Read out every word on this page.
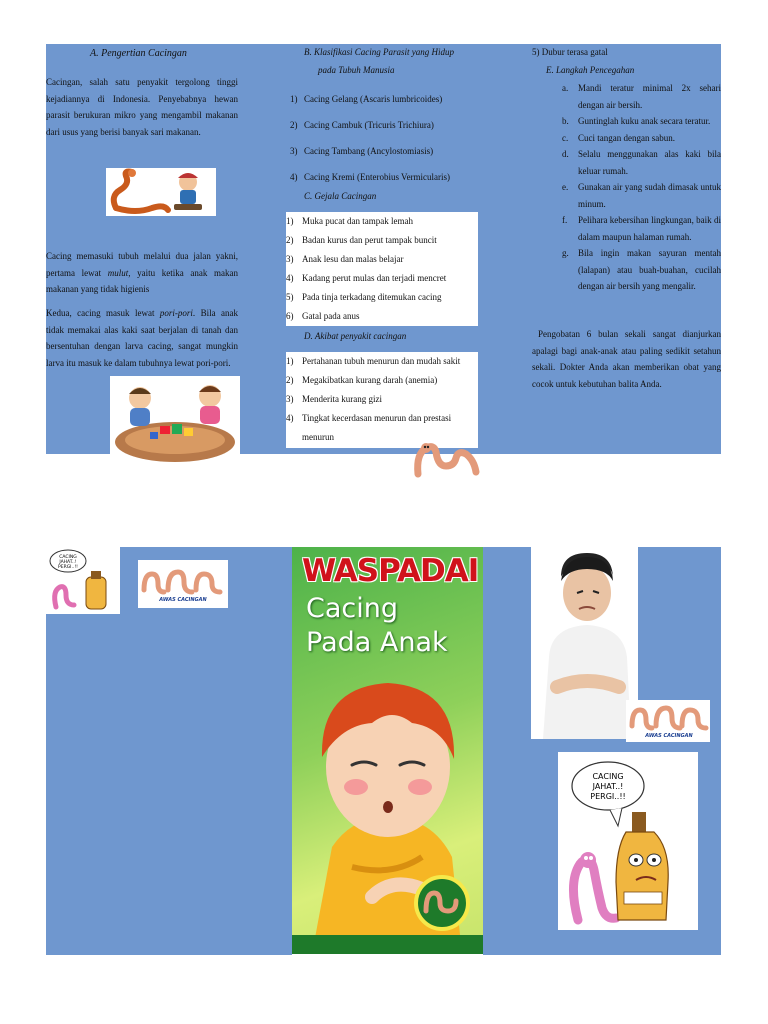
A. Pengertian Cacingan
Cacingan, salah satu penyakit tergolong tinggi kejadiannya di Indonesia. Penyebabnya hewan parasit berukuran mikro yang mengambil makanan dari usus yang berisi banyak sari makanan.
Cacing memasuki tubuh melalui dua jalan yakni, pertama lewat mulut, yaitu ketika anak makan makanan yang tidak higienis
Kedua, cacing masuk lewat pori-pori. Bila anak tidak memakai alas kaki saat berjalan di tanah dan bersentuhan dengan larva cacing, sangat mungkin larva itu masuk ke dalam tubuhnya lewat pori-pori.
B. Klasifikasi Cacing Parasit yang Hidup
pada Tubuh Manusia
1) Cacing Gelang (Ascaris lumbricoides)
2) Cacing Cambuk (Tricuris Trichiura)
3) Cacing Tambang (Ancylostomiasis)
4) Cacing Kremi (Enterobius Vermicularis)
C. Gejala Cacingan
1) Muka pucat dan tampak lemah
2) Badan kurus dan perut tampak buncit
3) Anak lesu dan malas belajar
4) Kadang perut mulas dan terjadi mencret
5) Pada tinja terkadang ditemukan cacing
6) Gatal pada anus
D. Akibat penyakit cacingan
1) Pertahanan tubuh menurun dan mudah sakit
2) Megakibatkan kurang darah (anemia)
3) Menderita kurang gizi
4) Tingkat kecerdasan menurun dan prestasi
menurun
5) Dubur terasa gatal
E. Langkah Pencegahan
a. Mandi teratur minimal 2x sehari dengan air bersih.
b. Guntinglah kuku anak secara teratur.
c. Cuci tangan dengan sabun.
d. Selalu menggunakan alas kaki bila keluar rumah.
e. Gunakan air yang sudah dimasak untuk minum.
f. Pelihara kebersihan lingkungan, baik di dalam maupun halaman rumah.
g. Bila ingin makan sayuran mentah (lalapan) atau buah-buahan, cucilah dengan air bersih yang mengalir.
Pengobatan 6 bulan sekali sangat dianjurkan apalagi bagi anak-anak atau paling sedikit setahun sekali. Dokter Anda akan memberikan obat yang cocok untuk kebutuhan balita Anda.
CACING
JAHAT..!
PERGI..!!
AWAS CACINGAN
WASPADAI
Cacing
Pada Anak
AWAS CACINGAN
CACING
JAHAT..!
PERGI..!!
